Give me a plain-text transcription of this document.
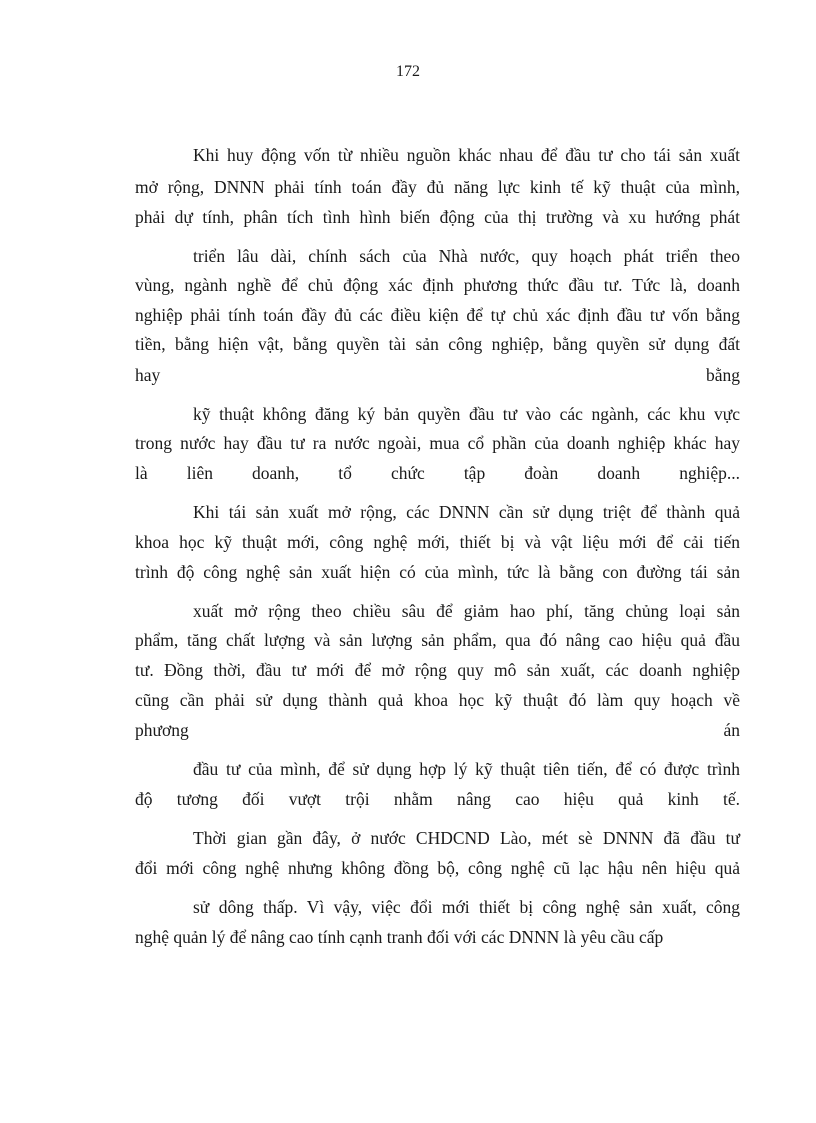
172
Khi huy động vốn từ nhiều nguồn khác nhau để đầu tư cho tái sản xuất
mở rộng, DNNN phải tính toán đầy đủ năng lực kinh tế kỹ thuật của mình,
phải dự tính, phân tích tình hình biến động của thị trường và xu hướng phát
triển lâu dài, chính sách của Nhà nước, quy hoạch phát triển theo
vùng, ngành nghề để chủ động xác định phương thức đầu tư. Tức là, doanh
nghiệp phải tính toán đầy đủ các điều kiện để tự chủ xác định đầu tư vốn bằng
tiền, bằng hiện vật, bằng quyền tài sản công nghiệp, bằng quyền sử dụng đất
hay	bằng
kỹ thuật không đăng ký bản quyền đầu tư vào các ngành, các khu vực
trong nước hay đầu tư ra nước ngoài, mua cổ phần của doanh nghiệp khác hay
là liên doanh, tổ chức tập đoàn doanh nghiệp...
Khi tái sản xuất mở rộng, các DNNN cần sử dụng triệt để thành quả
khoa học kỹ thuật mới, công nghệ mới, thiết bị và vật liệu mới để cải tiến
trình độ công nghệ sản xuất hiện có của mình, tức là bằng con đường tái sản
xuất mở rộng theo chiều sâu để giảm hao phí, tăng chủng loại sản
phẩm, tăng chất lượng và sản lượng sản phẩm, qua đó nâng cao hiệu quả đầu
tư. Đồng thời, đầu tư mới để mở rộng quy mô sản xuất, các doanh nghiệp
cũng cần phải sử dụng thành quả khoa học kỹ thuật đó làm quy hoạch về
phương	án
đầu tư của mình, để sử dụng hợp lý kỹ thuật tiên tiến, để có được trình
độ tương đối vượt trội nhằm nâng cao hiệu quả kinh tế.
Thời gian gần đây, ở nước CHDCND Lào, mét sè DNNN đã đầu tư
đổi mới công nghệ nhưng không đồng bộ, công nghệ cũ lạc hậu nên hiệu quả
sử dông thấp. Vì vậy, việc đổi mới thiết bị công nghệ sản xuất, công
nghệ quản lý để nâng cao tính cạnh tranh đối với các DNNN là yêu cầu cấp
